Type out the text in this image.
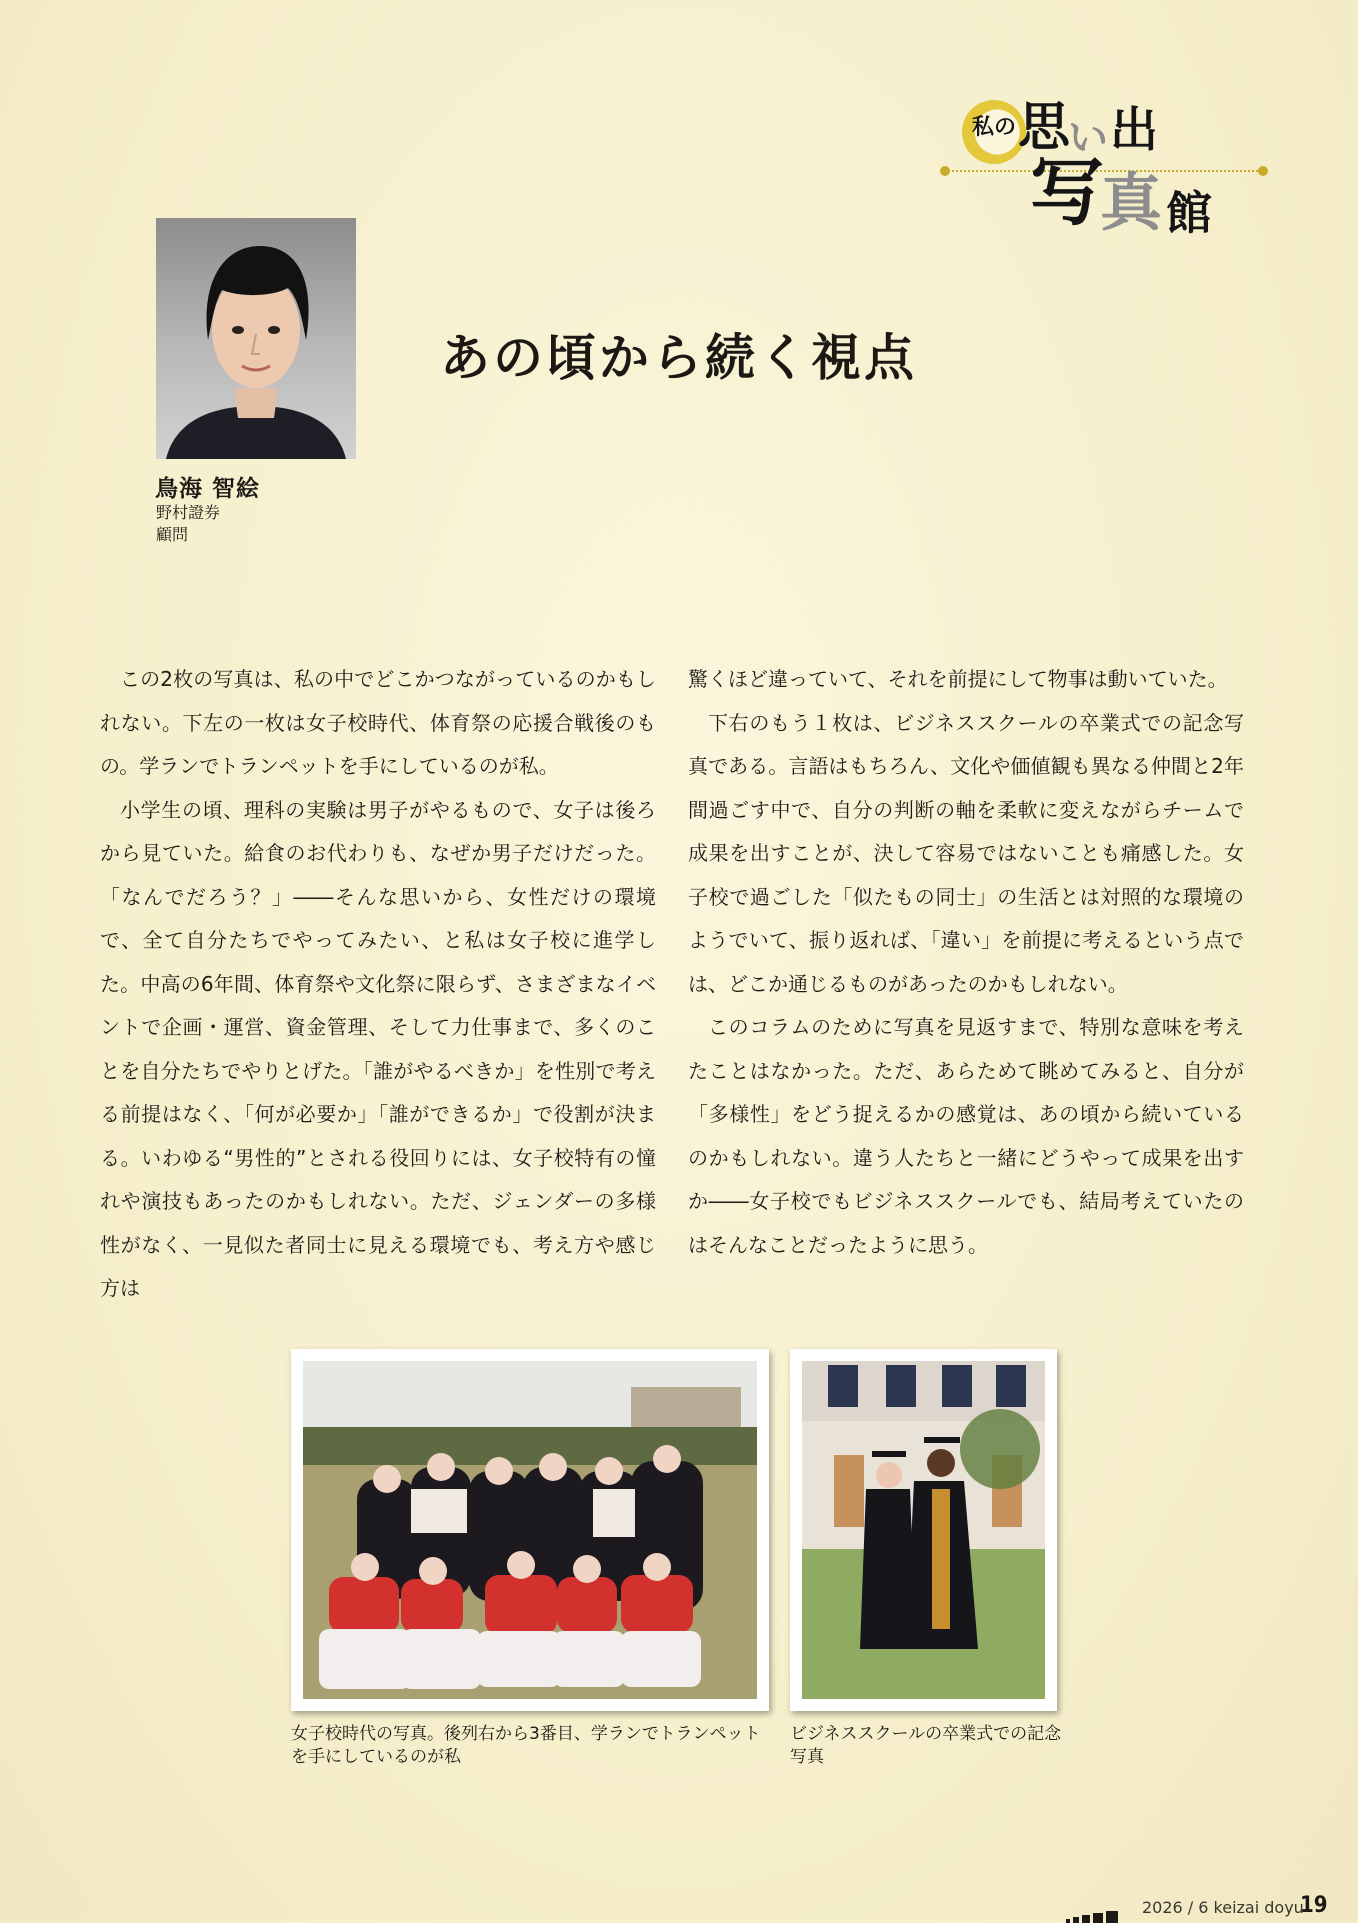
私の 思
い 出
写
真 館
鳥海 智絵
野村證券
顧問
あの頃から続く視点

この2枚の写真は、私の中でどこかつながっているのかもしれない。下左の一枚は女子校時代、体育祭の応援合戦後のもの。学ランでトランペットを手にしているのが私。

小学生の頃、理科の実験は男子がやるもので、女子は後ろから見ていた。給食のお代わりも、なぜか男子だけだった。「なんでだろう？」――そんな思いから、女性だけの環境で、全て自分たちでやってみたい、と私は女子校に進学した。中高の6年間、体育祭や文化祭に限らず、さまざまなイベントで企画・運営、資金管理、そして力仕事まで、多くのことを自分たちでやりとげた。「誰がやるべきか」を性別で考える前提はなく、「何が必要か」「誰ができるか」で役割が決まる。いわゆる“男性的”とされる役回りには、女子校特有の憧れや演技もあったのかもしれない。ただ、ジェンダーの多様性がなく、一見似た者同士に見える環境でも、考え方や感じ方は

驚くほど違っていて、それを前提にして物事は動いていた。

下右のもう１枚は、ビジネススクールの卒業式での記念写真である。言語はもちろん、文化や価値観も異なる仲間と2年間過ごす中で、自分の判断の軸を柔軟に変えながらチームで成果を出すことが、決して容易ではないことも痛感した。女子校で過ごした「似たもの同士」の生活とは対照的な環境のようでいて、振り返れば、「違い」を前提に考えるという点では、どこか通じるものがあったのかもしれない。

このコラムのために写真を見返すまで、特別な意味を考えたことはなかった。ただ、あらためて眺めてみると、自分が「多様性」をどう捉えるかの感覚は、あの頃から続いているのかもしれない。違う人たちと一緒にどうやって成果を出すか――女子校でもビジネススクールでも、結局考えていたのはそんなことだったように思う。

女子校時代の写真。後列右から3番目、学ランでトランペットを手にしているのが私
ビジネススクールの卒業式での記念写真
2026 / 6 keizai doyu
19
